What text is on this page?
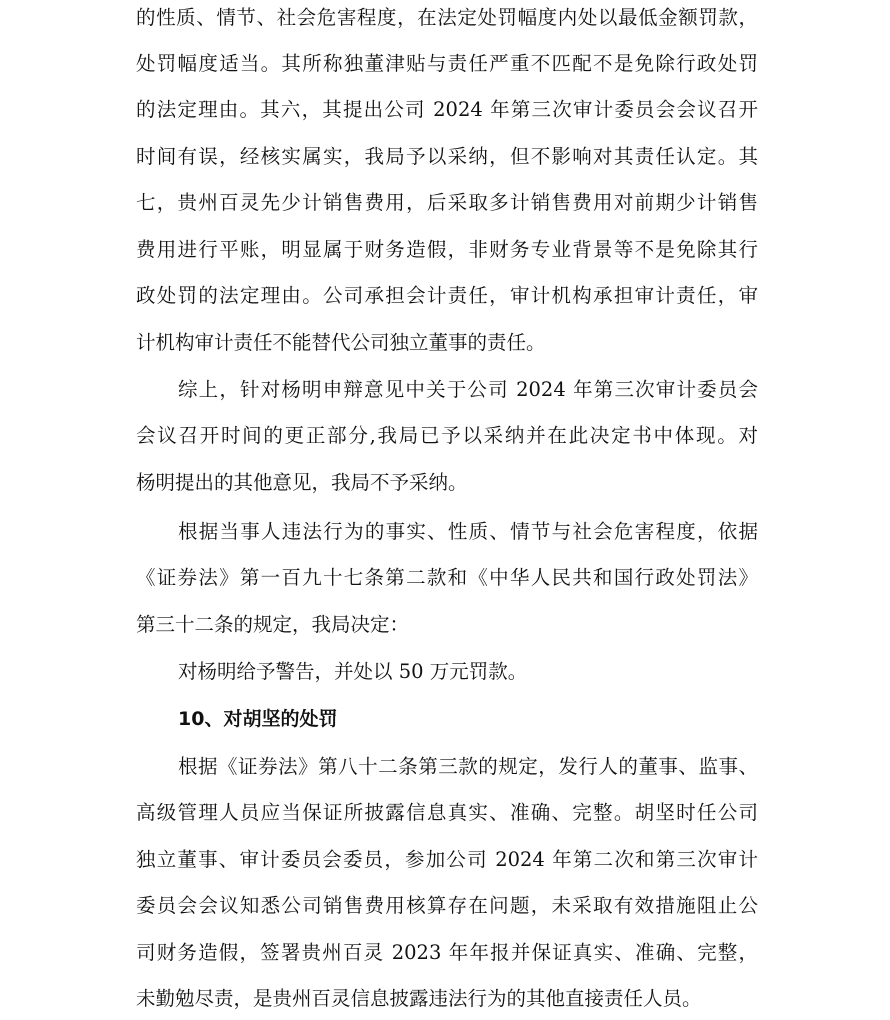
的性质、情节、社会危害程度，在法定处罚幅度内处以最低金额罚款，
处罚幅度适当。其所称独董津贴与责任严重不匹配不是免除行政处罚
的法定理由。其六，其提出公司 2024 年第三次审计委员会会议召开
时间有误，经核实属实，我局予以采纳，但不影响对其责任认定。其
七，贵州百灵先少计销售费用，后采取多计销售费用对前期少计销售
费用进行平账，明显属于财务造假，非财务专业背景等不是免除其行
政处罚的法定理由。公司承担会计责任，审计机构承担审计责任，审
计机构审计责任不能替代公司独立董事的责任。
综上，针对杨明申辩意见中关于公司 2024 年第三次审计委员会
会议召开时间的更正部分,我局已予以采纳并在此决定书中体现。对
杨明提出的其他意见，我局不予采纳。
根据当事人违法行为的事实、性质、情节与社会危害程度，依据
《证券法》第一百九十七条第二款和《中华人民共和国行政处罚法》
第三十二条的规定，我局决定：
对杨明给予警告，并处以 50 万元罚款。
10、对胡坚的处罚
根据《证券法》第八十二条第三款的规定，发行人的董事、监事、
高级管理人员应当保证所披露信息真实、准确、完整。胡坚时任公司
独立董事、审计委员会委员，参加公司 2024 年第二次和第三次审计
委员会会议知悉公司销售费用核算存在问题，未采取有效措施阻止公
司财务造假，签署贵州百灵 2023 年年报并保证真实、准确、完整，
未勤勉尽责，是贵州百灵信息披露违法行为的其他直接责任人员。
